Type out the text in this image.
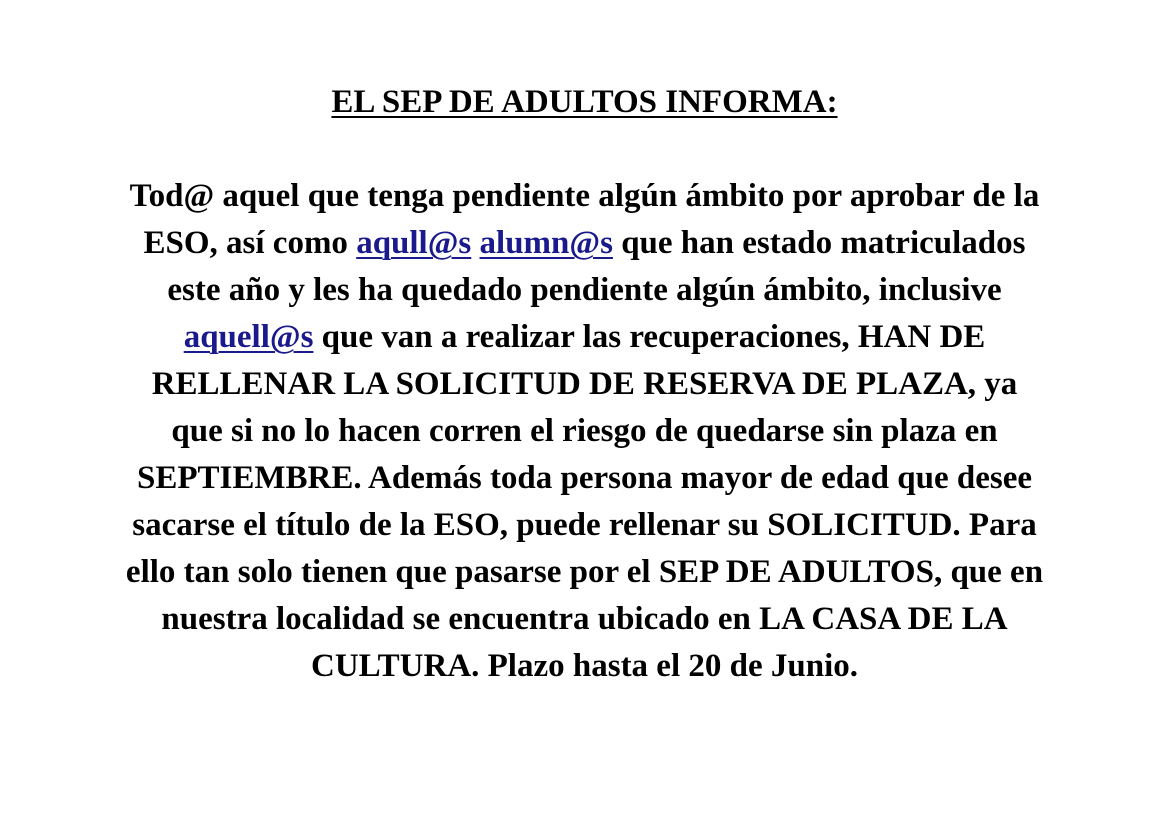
EL SEP DE ADULTOS INFORMA:

Tod@ aquel que tenga pendiente algún ámbito por aprobar de la
ESO, así como aqull@s alumn@s que han estado matriculados
este año y les ha quedado pendiente algún ámbito, inclusive
aquell@s que van a realizar las recuperaciones, HAN DE
RELLENAR LA SOLICITUD DE RESERVA DE PLAZA, ya
que si no lo hacen corren el riesgo de quedarse sin plaza en
SEPTIEMBRE. Además toda persona mayor de edad que desee
sacarse el título de la ESO, puede rellenar su SOLICITUD. Para
ello tan solo tienen que pasarse por el SEP DE ADULTOS, que en
nuestra localidad se encuentra ubicado en LA CASA DE LA
CULTURA. Plazo hasta el 20 de Junio.
